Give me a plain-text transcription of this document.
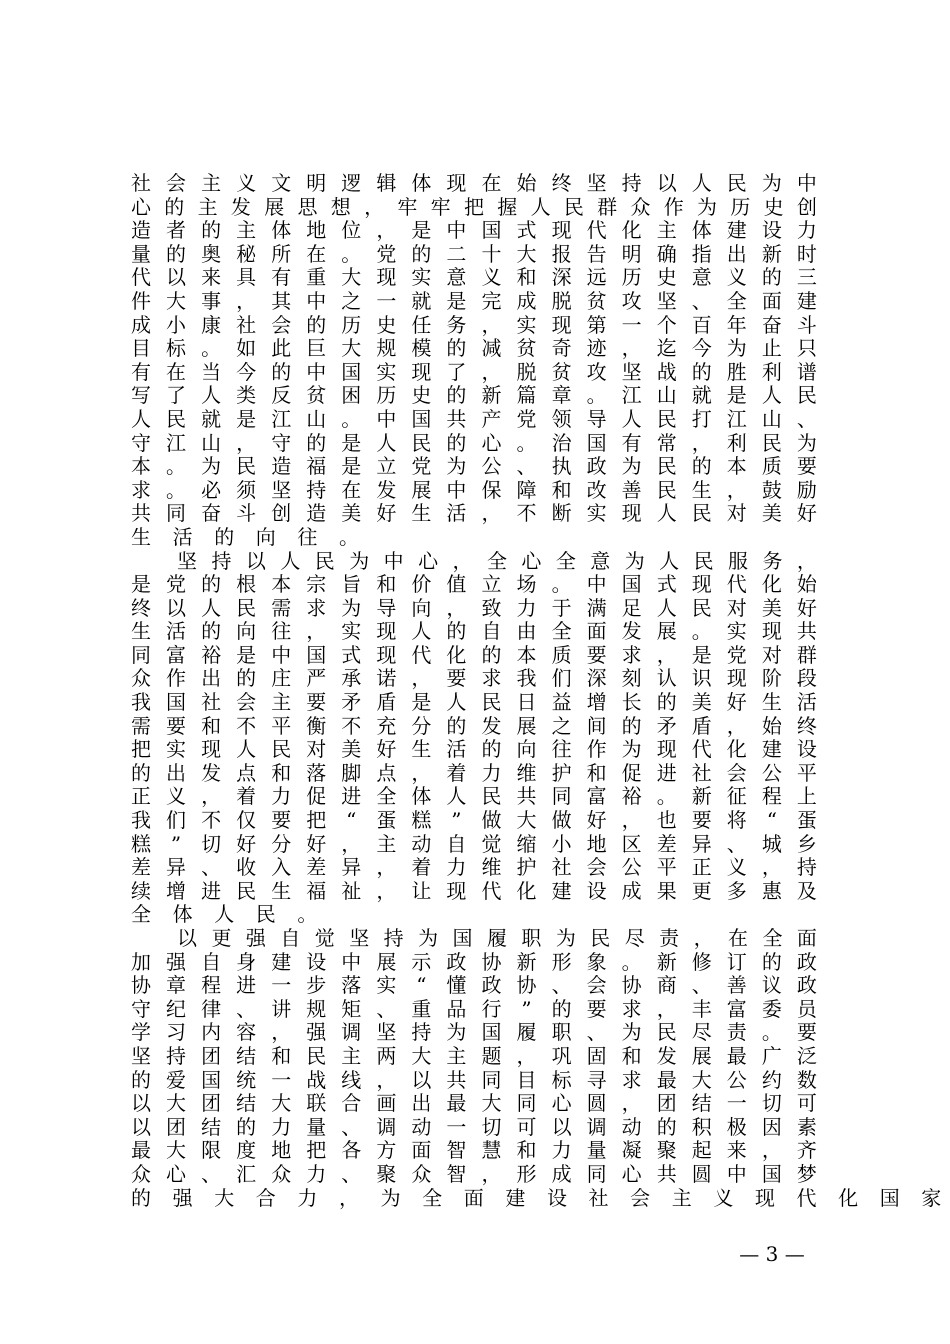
社 会 主 义 文 明 逻 辑 体 现 在 始 终 坚 持 以 人 民 为 中
心 的 主 发 展 思 想 ， 牢 牢 把 握 人 民 群 众 作 为 历 史 创
造 者 的 主 体 地 位 ， 是 中 国 式 现 代 化 主 体 建 设 力
量 的 奥 秘 所 在 。 党 的 二 十 大 报 告 明 确 指 出 新 时
代 以 来 具 有 重 大 现 实 意 义 和 深 远 历 史 意 义 的 三
件 大 事 ， 其 中 之 一 就 是 完 成 脱 贫 攻 坚 、 全 面 建
成 小 康 社 会 的 历 史 任 务 ， 实 现 第 一 个 百 年 奋 斗
目 标 。 如 此 巨 大 规 模 的 减 贫 奇 迹 ， 迄 今 为 止 只
有 在 当 今 的 中 国 实 现 了 ， 脱 贫 攻 坚 战 的 胜 利 谱
写 了 人 类 反 贫 困 历 史 的 新 篇 章 。 江 山 就 是 人 民
人 民 就 是 江 山 。 中 国 共 产 党 领 导 人 民 打 江 山 、
守 江 山 ， 守 的 是 人 民 的 心 。 治 国 有 常 ， 利 民 为
本 。 为 民 造 福 是 立 党 为 公 、 执 政 为 民 的 本 质 要
求 。 必 须 坚 持 在 发 展 中 保 障 和 改 善 民 生 ， 鼓 励
共 同 奋 斗 创 造 美 好 生 活 ， 不 断 实 现 人 民 对 美 好
生 活 的 向 往 。
坚 持 以 人 民 为 中 心 ， 全 心 全 意 为 人 民 服 务 ，
是 党 的 根 本 宗 旨 和 价 值 立 场 。 中 国 式 现 代 化 始
终 以 人 民 需 求 为 导 向 ， 致 力 于 满 足 人 民 对 美 好
生 活 的 向 往 ， 实 现 人 的 自 由 全 面 发 展 。 实 现 共
同 富 裕 是 中 国 式 现 代 化 的 本 质 要 求 ， 是 党 对 群
众 作 出 的 庄 严 承 诺 ， 要 求 我 们 深 刻 认 识 现 阶 段
我 国 社 会 主 要 矛 盾 是 人 民 日 益 增 长 的 美 好 生 活
需 要 和 不 平 衡 不 充 分 的 发 展 之 间 的 矛 盾 ， 始 终
把 实 现 人 民 对 美 好 生 活 的 向 往 作 为 现 代 化 建 设
的 出 发 点 和 落 脚 点 ， 着 力 维 护 和 促 进 社 会 公 平
正 义 ， 着 力 促 进 全 体 人 民 共 同 富 裕 。 新 征 程 上
我 们 不 仅 要 把 “ 蛋 糕 ” 做 大 做 好 ， 也 要 将 “ 蛋
糕 ” 切 好 分 好 ， 主 动 自 觉 缩 小 地 区 差 异 、 城 乡
差 异 、 收 入 差 异 ， 着 力 维 护 社 会 公 平 正 义 ， 持
续 增 进 民 生 福 祉 ， 让 现 代 化 建 设 成 果 更 多 惠 及
全 体 人 民 。
以 更 强 自 觉 坚 持 为 国 履 职 为 民 尽 责 ， 在 全 面
加 强 自 身 建 设 中 展 示 政 协 新 形 象 。 新 修 订 的 政
协 章 程 进 一 步 落 实 “ 懂 政 协 、 会 协 商 、 善 议 政
守 纪 律 、 讲 规 矩 、 重 品 行 ” 的 要 求 ， 丰 富 委 员
学 习 内 容 ， 强 调 坚 持 为 国 履 职 、 为 民 尽 责 。 要
坚 持 团 结 和 民 主 两 大 主 题 ， 巩 固 和 发 展 最 广 泛
的 爱 国 统 一 战 线 ， 以 共 同 目 标 寻 求 最 大 公 约 数
以 大 团 结 大 联 合 画 出 最 大 同 心 圆 ， 团 结 一 切 可
以 团 结 的 力 量 、 调 动 一 切 可 以 调 动 的 积 极 因 素
最 大 限 度 地 把 各 方 面 智 慧 和 力 量 凝 聚 起 来 ， 齐
众 心 、 汇 众 力 、 聚 众 智 ， 形 成 同 心 共 圆 中 国 梦
的 强 大 合 力 ， 为 全 面 建 设 社 会 主 义 现 代 化 国 家
— 3 —
